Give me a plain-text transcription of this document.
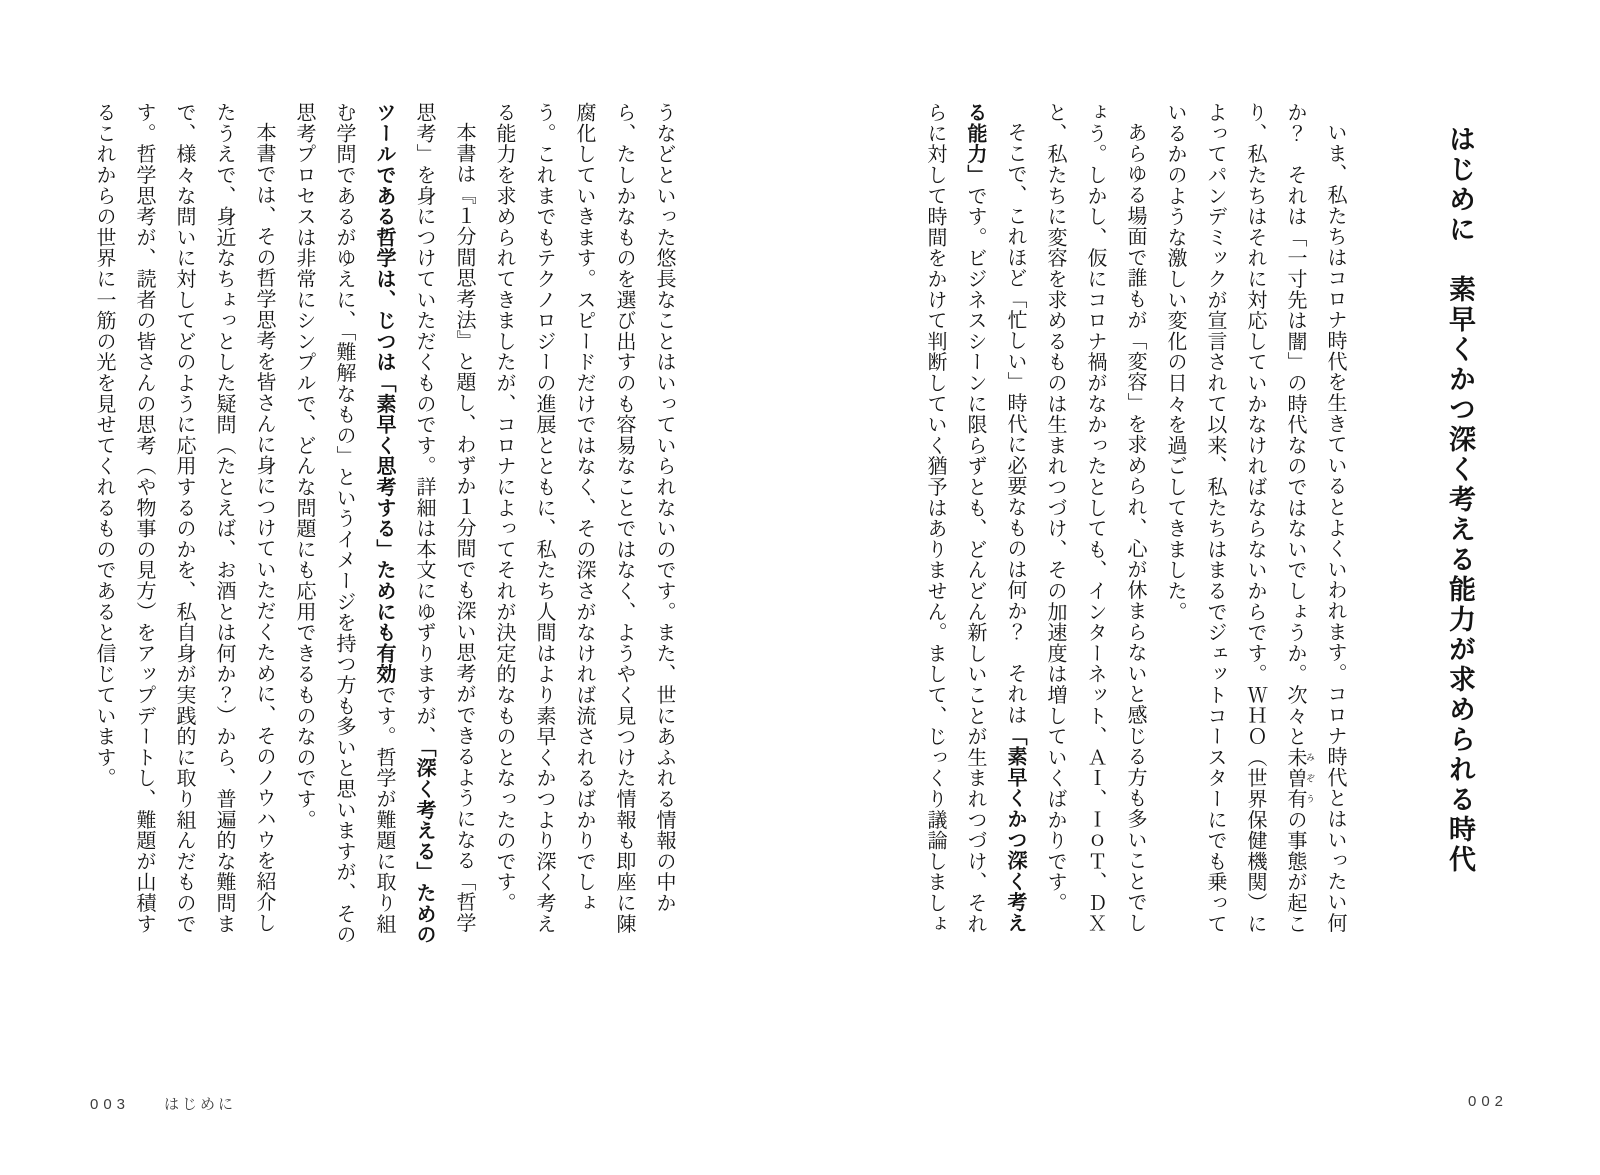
はじめに　素早くかつ深く考える能力が求められる時代

いま、私たちはコロナ時代を生きているとよくいわれます。コロナ時代とはいったい何か？　それは「一寸先は闇」の時代なのではないでしょうか。次々と未曽有 みぞうの事態が起こり、私たちはそれに対応していかなければならないからです。ＷＨＯ（世界保健機関）によってパンデミックが宣言されて以来、私たちはまるでジェットコースターにでも乗っているかのような激しい変化の日々を過ごしてきました。

あらゆる場面で誰もが「変容」を求められ、心が休まらないと感じる方も多いことでしょう。しかし、仮にコロナ禍がなかったとしても、インターネット、ＡＩ、ＩｏＴ、ＤＸと、私たちに変容を求めるものは生まれつづけ、その加速度は増していくばかりです。

そこで、これほど「忙しい」時代に必要なものは何か？　それは「素早くかつ深く考える能力」です。ビジネスシーンに限らずとも、どんどん新しいことが生まれつづけ、それらに対して時間をかけて判断していく猶予はありません。まして、じっくり議論しましょ

002

うなどといった悠長なことはいっていられないのです。また、世にあふれる情報の中から、たしかなものを選び出すのも容易なことではなく、ようやく見つけた情報も即座に陳腐化していきます。スピードだけではなく、その深さがなければ流されるばかりでしょう。これまでもテクノロジーの進展とともに、私たち人間はより素早くかつより深く考える能力を求められてきましたが、コロナによってそれが決定的なものとなったのです。

本書は『１分間思考法』と題し、わずか１分間でも深い思考ができるようになる「哲学思考」を身につけていただくものです。詳細は本文にゆずりますが、「深く考える」ためのツールである哲学は、じつは「素早く思考する」ためにも有効です。哲学が難題に取り組む学問であるがゆえに、「難解なもの」というイメージを持つ方も多いと思いますが、その思考プロセスは非常にシンプルで、どんな問題にも応用できるものなのです。

本書では、その哲学思考を皆さんに身につけていただくために、そのノウハウを紹介したうえで、身近なちょっとした疑問（たとえば、お酒とは何か？）から、普遍的な難問まで、様々な問いに対してどのように応用するのかを、私自身が実践的に取り組んだものです。哲学思考が、読者の皆さんの思考（や物事の見方）をアップデートし、難題が山積するこれからの世界に一筋の光を見せてくれるものであると信じています。

003 はじめに
